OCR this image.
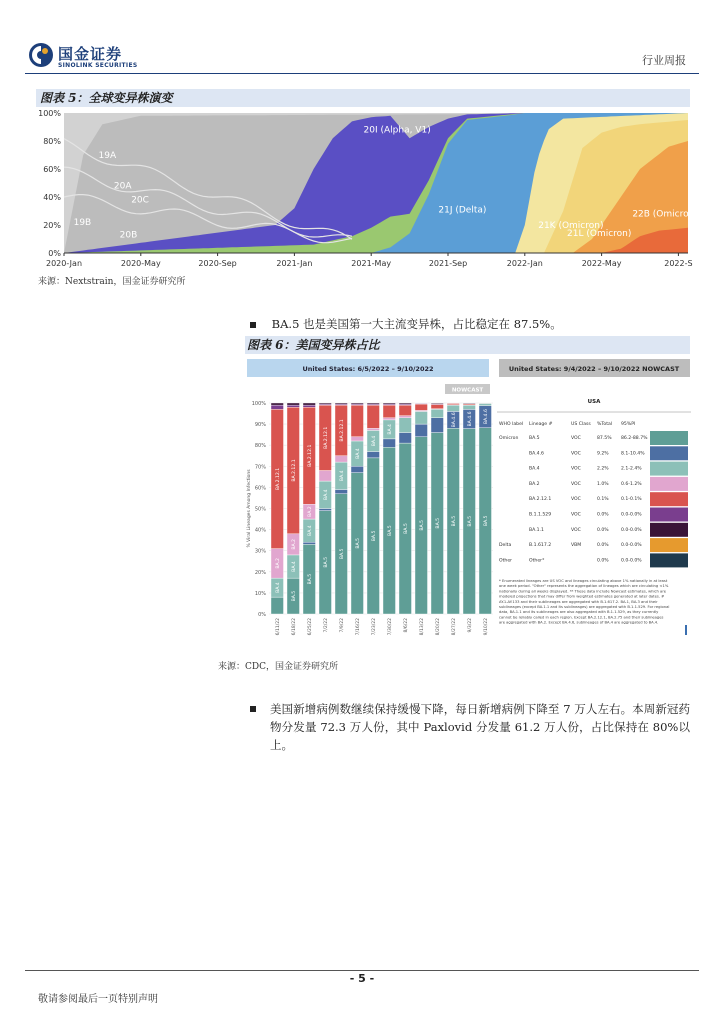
国金证券
SINOLINK SECURITIES	行业周报
图表 5：全球变异株演变
0%
20%
40%
60%
80%
100%
2020-Jan	2020-May	2020-Sep	2021-Jan	2021-May	2021-Sep	2022-Jan	2022-May	2022-S
19A
20A
20C
19B
20B
20I (Alpha, V1)
21J (Delta)
21K (Omicron)
21L (Omicron)
22B (Omicron)
来源：Nextstrain，国金证券研究所
BA.5 也是美国第一大主流变异株，占比稳定在 87.5%。
图表 6：美国变异株占比
United States: 6/5/2022 – 9/10/2022	United States: 9/4/2022 – 9/10/2022 NOWCAST
NOWCAST
0%
10%
20%
30%
40%
50%
60%
70%
80%
90%
100%
% Viral Lineages Among Infections
BA.4
BA.2
BA.2.12.1
6/11/22
BA.5
BA.4
BA.2.12.1
BA.2
6/18/22
BA.5
BA.4
BA.2.12.1
BA.2
6/25/22
BA.5
BA.4
BA.2.12.1
7/2/22
BA.5
BA.4
BA.2.12.1
7/9/22
BA.5
BA.4
7/16/22
BA.5
BA.4
7/23/22
BA.5
BA.4
7/30/22
BA.5
8/6/22
BA.5
8/13/22
BA.5
8/20/22
BA.5
BA.4.6
8/27/22
BA.5
BA.4.6
9/3/22
BA.5
BA.4.6
9/10/22
USA
WHO label Lineage #	US Class %Total 95%PI
Omicron BA.5	VOC	87.5% 86.2-88.7%
BA.4.6	VOC	9.2%	8.1-10.4%
BA.4	VOC	2.2%	2.1-2.4%
BA.2	VOC	1.0%	0.6-1.2%
BA.2.12.1	VOC	0.1%	0.1-0.1%
B.1.1.529	VOC	0.0%	0.0-0.0%
BA.1.1	VOC	0.0%	0.0-0.0%
Delta	B.1.617.2	VBM	0.0%	0.0-0.0%
Other	Other*	0.0%	0.0-0.0%
* Enumerated lineages are US VOC and lineages circulating above 1% nationally in at least one week period. "Other" represents the aggregation of lineages which are circulating <1% nationally during all weeks displayed. ** These data include Nowcast estimates, which are modeled projections that may differ from weighted estimates generated at later dates. # AY.1-AY.133 and their sublineages are aggregated with B.1.617.2. BA.1, BA.3 and their sublineages (except BA.1.1 and its sublineages) are aggregated with B.1.1.529. For regional data, BA.1.1 and its sublineages are also aggregated with B.1.1.529, as they currently cannot be reliably called in each region. Except BA.2.12.1, BA.2.75 and their sublineages are aggregated with BA.2. Except BA.4.6, sublineages of BA.4 are aggregated to BA.4.
来源：CDC，国金证券研究所
美国新增病例数继续保持缓慢下降，每日新增病例下降至 7 万人左右。本周新冠药物分发量 72.3 万人份，其中 Paxlovid 分发量 61.2 万人份，占比保持在 80%以上。
- 5 -
敬请参阅最后一页特别声明
